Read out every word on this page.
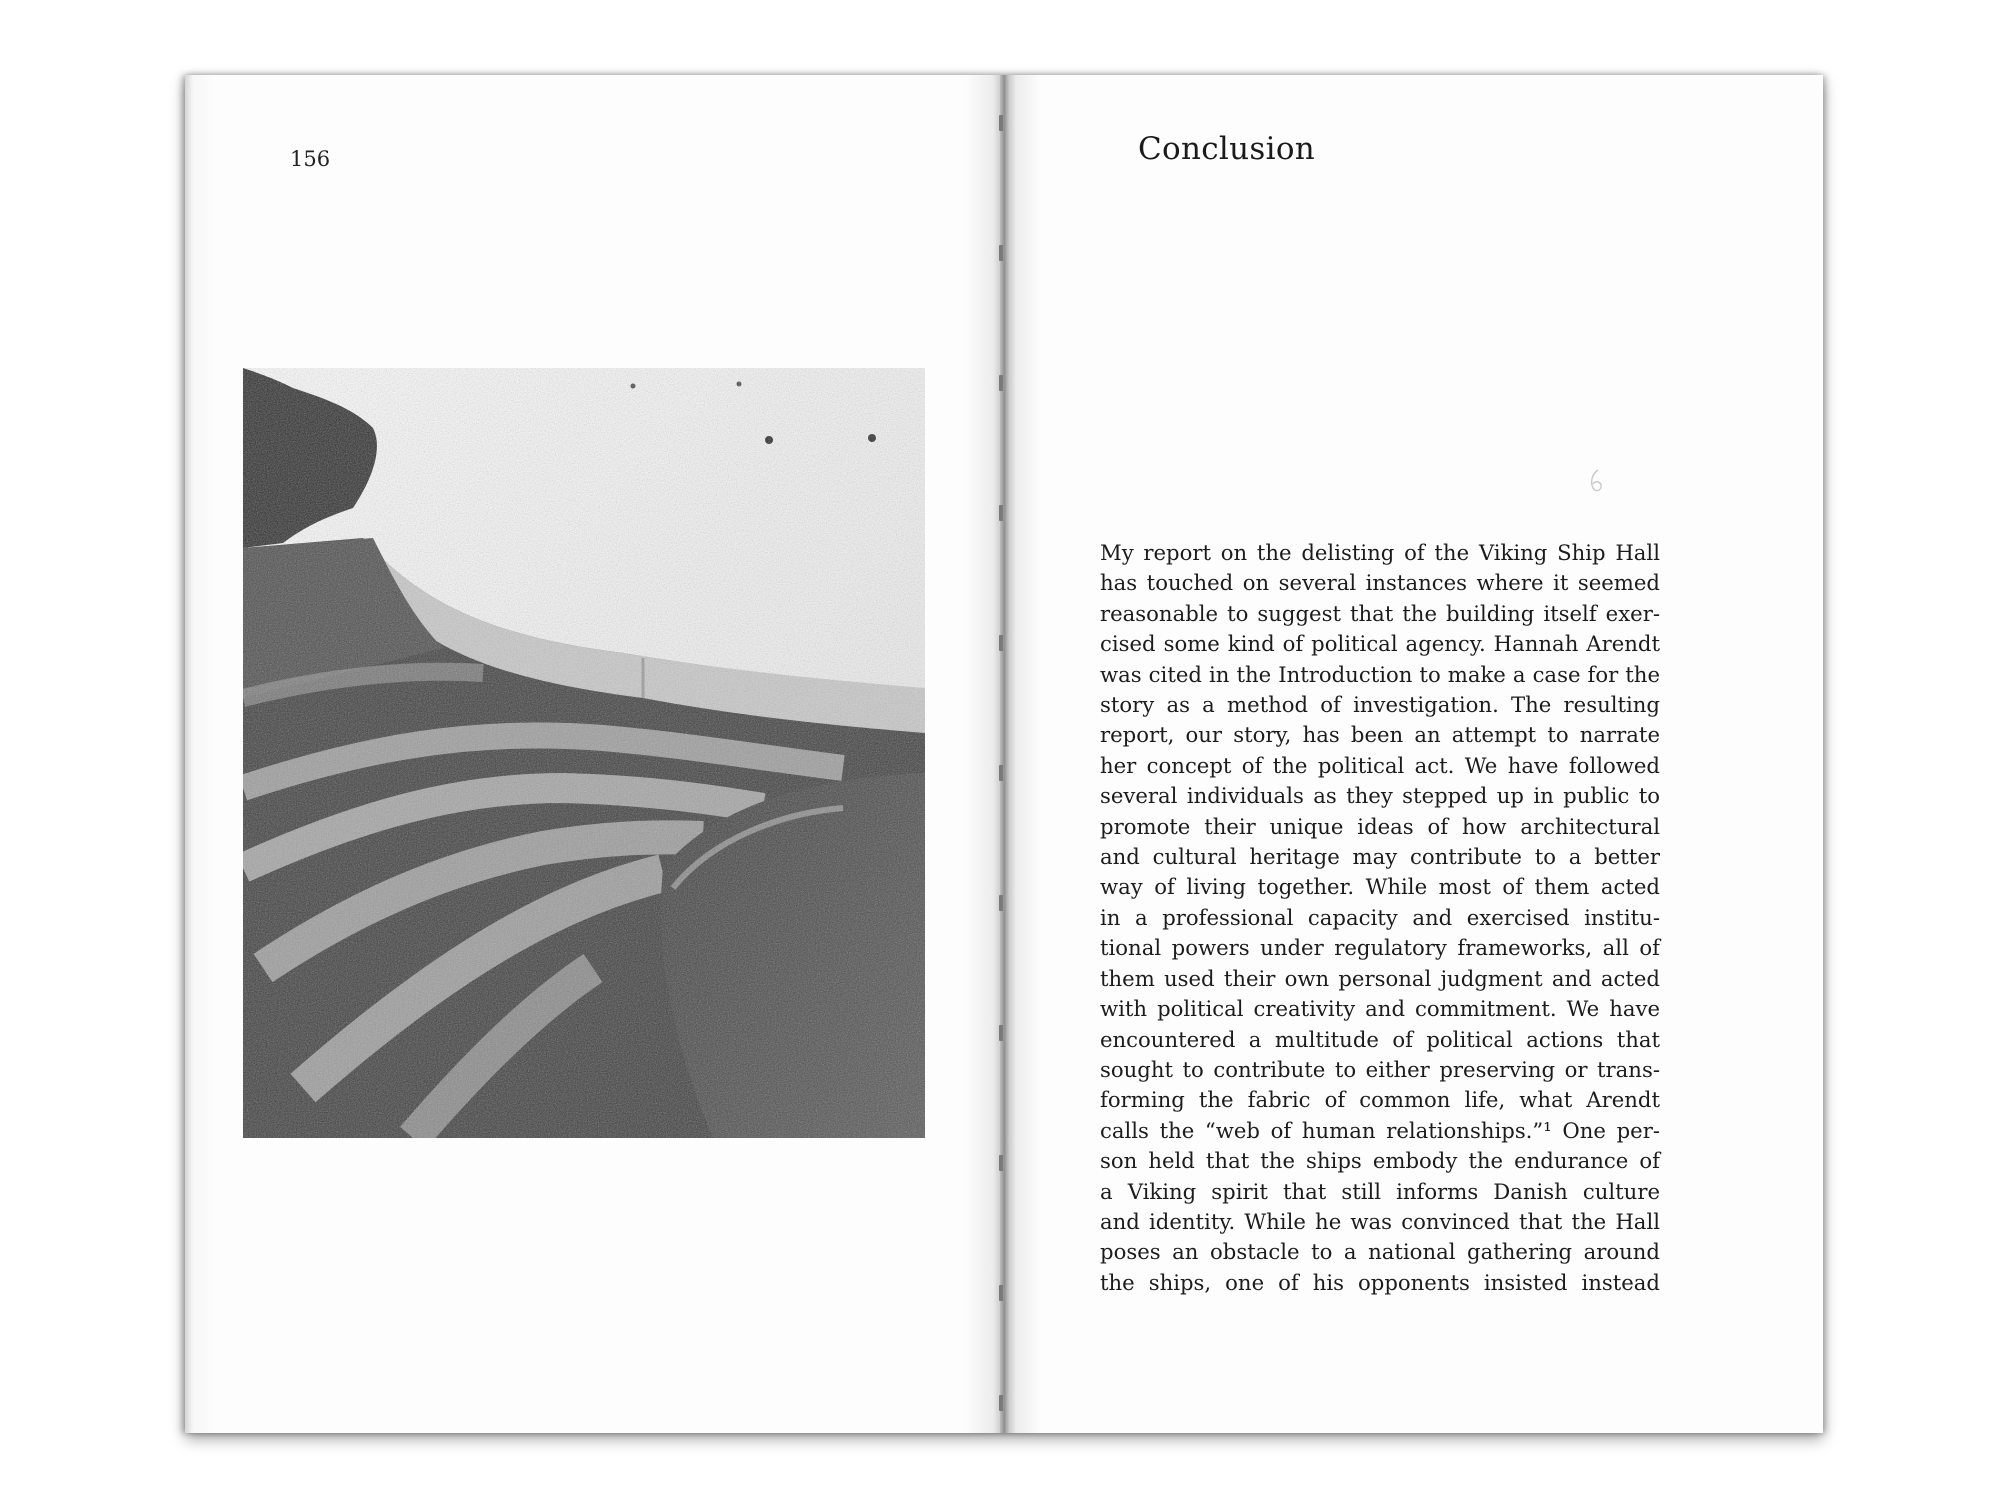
156	Conclusion
My report on the delisting of the Viking Ship Hall
has touched on several instances where it seemed
reasonable to suggest that the building itself exer-
cised some kind of political agency. Hannah Arendt
was cited in the Introduction to make a case for the
story as a method of investigation. The resulting
report, our story, has been an attempt to narrate
her concept of the political act. We have followed
several individuals as they stepped up in public to
promote their unique ideas of how architectural
and cultural heritage may contribute to a better
way of living together. While most of them acted
in a professional capacity and exercised institu-
tional powers under regulatory frameworks, all of
them used their own personal judgment and acted
with political creativity and commitment. We have
encountered a multitude of political actions that
sought to contribute to either preserving or trans-
forming the fabric of common life, what Arendt
calls the “web of human relationships.”¹ One per-
son held that the ships embody the endurance of
a Viking spirit that still informs Danish culture
and identity. While he was convinced that the Hall
poses an obstacle to a national gathering around
the ships, one of his opponents insisted instead
